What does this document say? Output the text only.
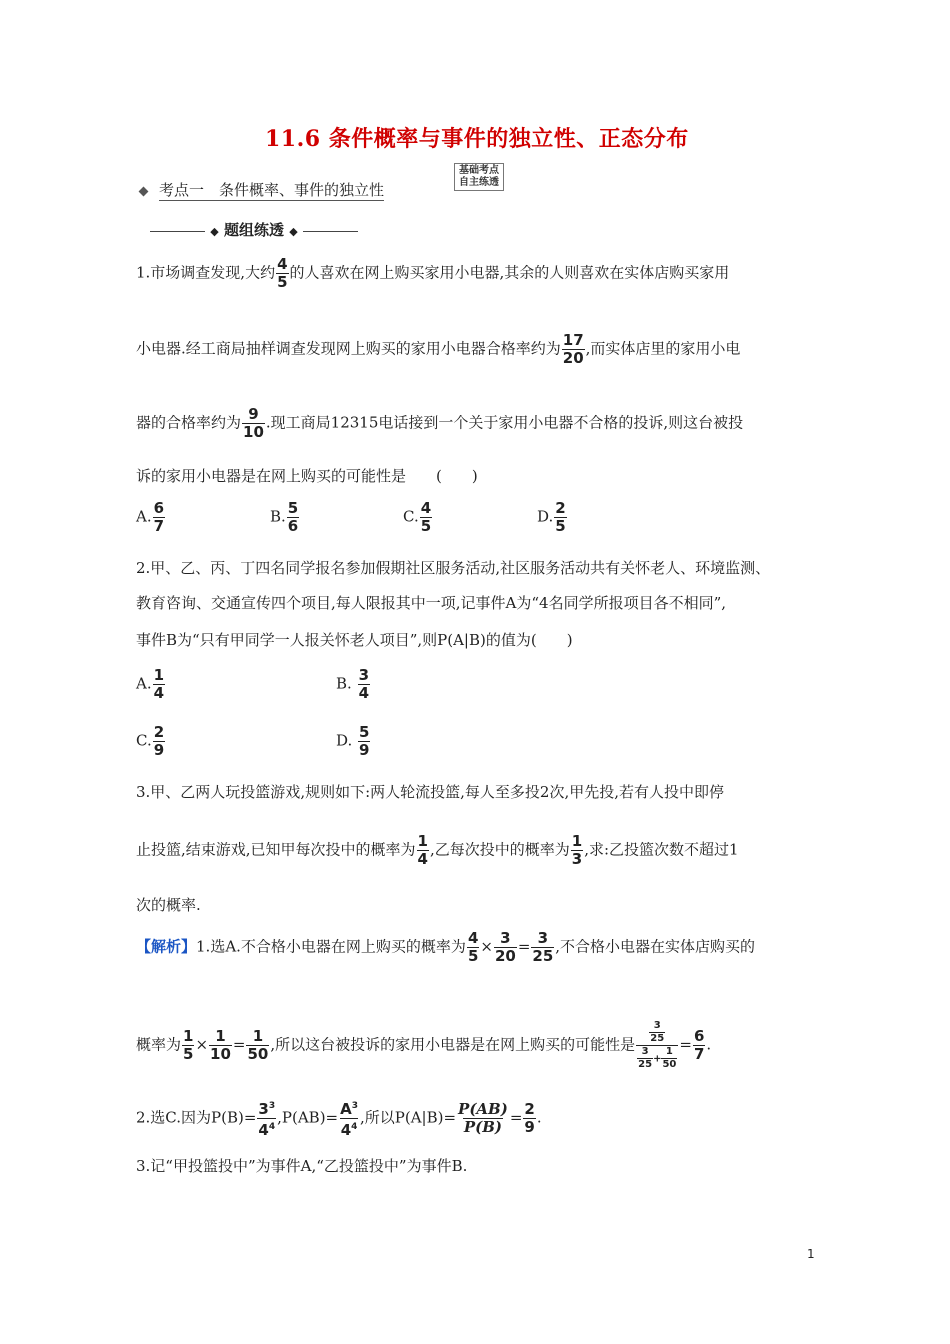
11.6 条件概率与事件的独立性、正态分布
考点一　条件概率、事件的独立性
基础考点
自主练透
◆ 题组练透 ◆
1.市场调查发现,大约 $\frac{4}{5}$ 的人喜欢在网上购买家用小电器,其余的人则喜欢在实体店购买家用
小电器.经工商局抽样调查发现网上购买的家用小电器合格率约为 $\frac{17}{20}$ ,而实体店里的家用小电
器的合格率约为 $\frac{9}{10}$ .现工商局12315电话接到一个关于家用小电器不合格的投诉,则这台被投
诉的家用小电器是在网上购买的可能性是　　(　　)
A. $\frac{6}{7}$	B. $\frac{5}{6}$	C. $\frac{4}{5}$	D. $\frac{2}{5}$
2.甲、乙、丙、丁四名同学报名参加假期社区服务活动,社区服务活动共有关怀老人、环境监测、
教育咨询、交通宣传四个项目,每人限报其中一项,记事件A为“4名同学所报项目各不相同”,
事件B为“只有甲同学一人报关怀老人项目”,则P(A|B)的值为(　　)
A. $\frac{1}{4}$	B. $\frac{3}{4}$
C. $\frac{2}{9}$	D. $\frac{5}{9}$
3.甲、乙两人玩投篮游戏,规则如下:两人轮流投篮,每人至多投2次,甲先投,若有人投中即停
止投篮,结束游戏,已知甲每次投中的概率为 $\frac{1}{4}$ ,乙每次投中的概率为 $\frac{1}{3}$ ,求:乙投篮次数不超过1
次的概率.
【解析】1.选A.不合格小电器在网上购买的概率为 $\frac{4}{5} \times \frac{3}{20} = \frac{3}{25}$ ,不合格小电器在实体店购买的
概率为 $\frac{1}{5} \times \frac{1}{10} = \frac{1}{50}$ ,所以这台被投诉的家用小电器是在网上购买的可能性是 $\frac{\frac{3}{25}}{\frac{3}{25} + \frac{1}{50}} = \frac{6}{7}$ .
2.选C.因为$P(B)= \frac{3^3}{4^4} ,P(AB)= \frac{A^3}{4^4}$ ,所以$P(A|B)= \frac{P(AB)}{P(B)} = \frac{2}{9}$ .
3.记“甲投篮投中”为事件A,“乙投篮投中”为事件B.
1
